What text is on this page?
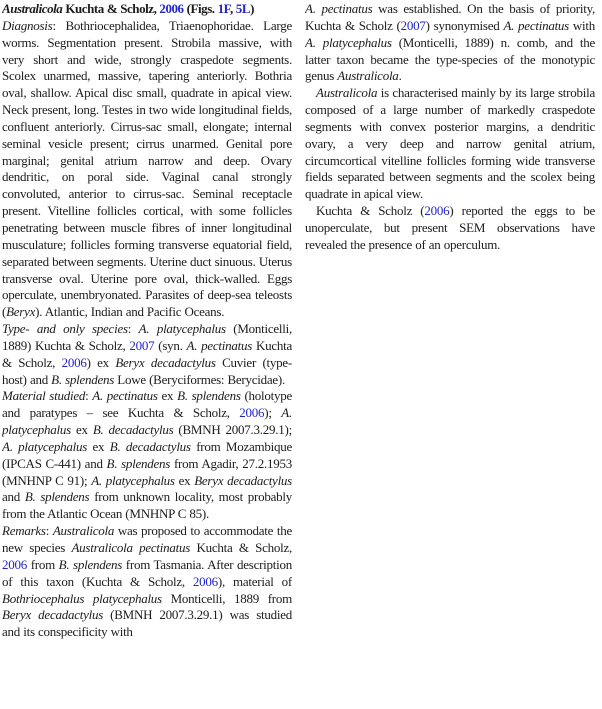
Australicola Kuchta & Scholz, 2006 (Figs. 1F, 5L)

Diagnosis: Bothriocephalidea, Triaenophoridae. Large worms. Segmentation present. Strobila massive, with very short and wide, strongly craspedote segments. Scolex unarmed, massive, tapering anteriorly. Bothria oval, shallow. Apical disc small, quadrate in apical view. Neck present, long. Testes in two wide longitudinal fields, confluent anteriorly. Cirrus-sac small, elongate; internal seminal vesicle present; cirrus unarmed. Genital pore marginal; genital atrium narrow and deep. Ovary dendritic, on poral side. Vaginal canal strongly convoluted, anterior to cirrus-sac. Seminal receptacle present. Vitelline follicles cortical, with some follicles penetrating between muscle fibres of inner longitudinal musculature; follicles forming transverse equatorial field, separated between segments. Uterine duct sinuous. Uterus transverse oval. Uterine pore oval, thick-walled. Eggs operculate, unembryonated. Parasites of deep-sea teleosts (Beryx). Atlantic, Indian and Pacific Oceans.

Type- and only species: A. platycephalus (Monticelli, 1889) Kuchta & Scholz, 2007 (syn. A. pectinatus Kuchta & Scholz, 2006) ex Beryx decadactylus Cuvier (type-host) and B. splendens Lowe (Beryciformes: Berycidae).

Material studied: A. pectinatus ex B. splendens (holotype and paratypes – see Kuchta & Scholz, 2006); A. platycephalus ex B. decadactylus (BMNH 2007.3.29.1); A. platycephalus ex B. decadactylus from Mozambique (IPCAS C-441) and B. splendens from Agadir, 27.2.1953 (MNHNP C 91); A. platycephalus ex Beryx decadactylus and B. splendens from unknown locality, most probably from the Atlantic Ocean (MNHNP C 85).

Remarks: Australicola was proposed to accommodate the new species Australicola pectinatus Kuchta & Scholz, 2006 from B. splendens from Tasmania. After description of this taxon (Kuchta & Scholz, 2006), material of Bothriocephalus platycephalus Monticelli, 1889 from Beryx decadactylus (BMNH 2007.3.29.1) was studied and its conspecificity with

A. pectinatus was established. On the basis of priority, Kuchta & Scholz (2007) synonymised A. pectinatus with A. platycephalus (Monticelli, 1889) n. comb, and the latter taxon became the type-species of the monotypic genus Australicola.

Australicola is characterised mainly by its large strobila composed of a large number of markedly craspedote segments with convex posterior margins, a dendritic ovary, a very deep and narrow genital atrium, circumcortical vitelline follicles forming wide transverse fields separated between segments and the scolex being quadrate in apical view.

Kuchta & Scholz (2006) reported the eggs to be unoperculate, but present SEM observations have revealed the presence of an operculum.
